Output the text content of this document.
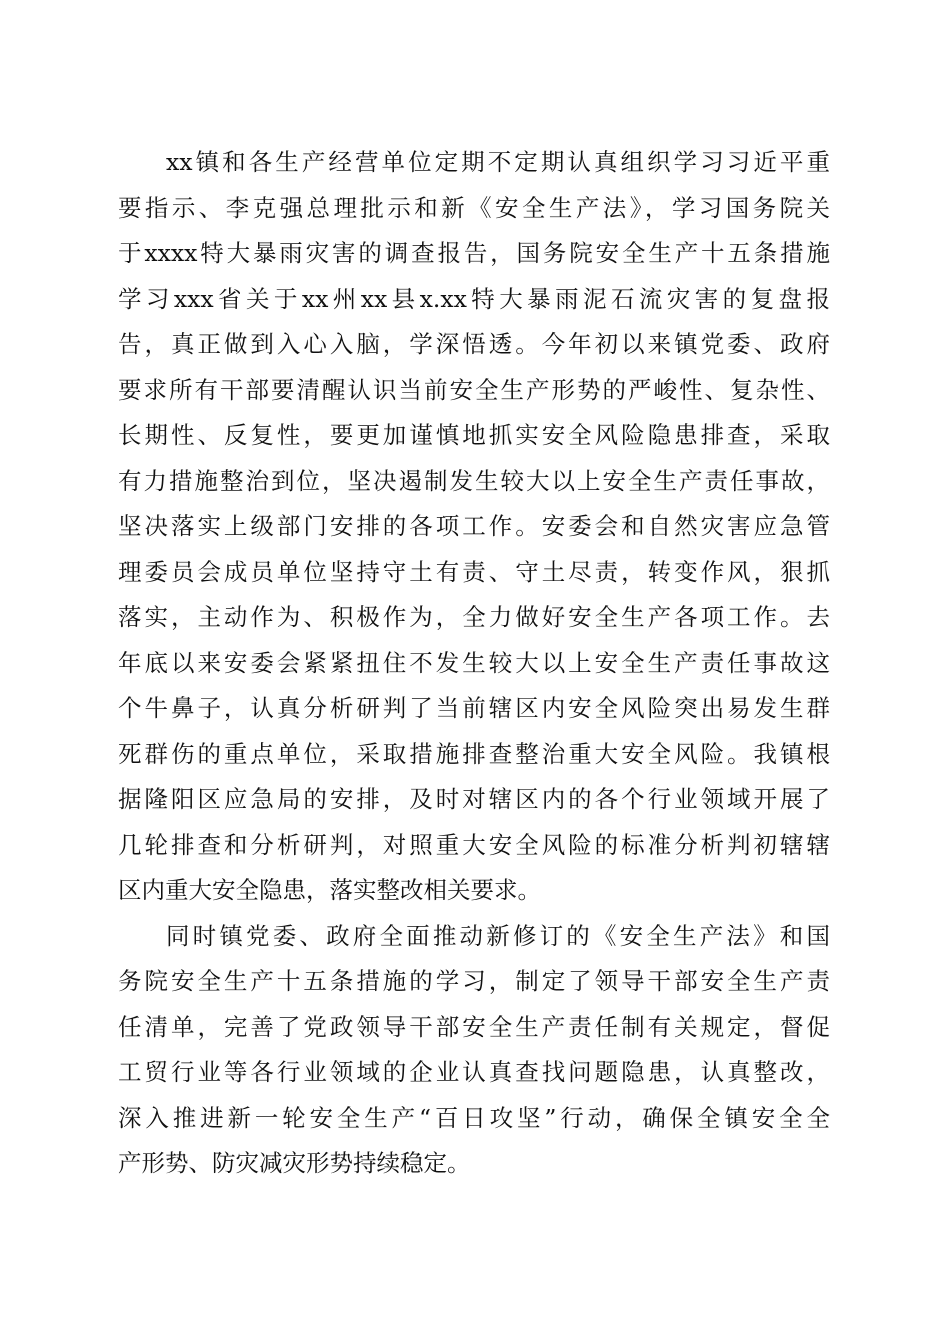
xx镇和各生产经营单位定期不定期认真组织学习习近平重
要指示、李克强总理批示和新《安全生产法》，学习国务院关
于xxxx特大暴雨灾害的调查报告，国务院安全生产十五条措施
学习xxx省关于xx州xx县x.xx特大暴雨泥石流灾害的复盘报
告，真正做到入心入脑，学深悟透。今年初以来镇党委、政府
要求所有干部要清醒认识当前安全生产形势的严峻性、复杂性、
长期性、反复性，要更加谨慎地抓实安全风险隐患排查，采取
有力措施整治到位，坚决遏制发生较大以上安全生产责任事故，
坚决落实上级部门安排的各项工作。安委会和自然灾害应急管
理委员会成员单位坚持守土有责、守土尽责，转变作风，狠抓
落实，主动作为、积极作为，全力做好安全生产各项工作。去
年底以来安委会紧紧扭住不发生较大以上安全生产责任事故这
个牛鼻子，认真分析研判了当前辖区内安全风险突出易发生群
死群伤的重点单位，采取措施排查整治重大安全风险。我镇根
据隆阳区应急局的安排，及时对辖区内的各个行业领域开展了
几轮排查和分析研判，对照重大安全风险的标准分析判初辖辖
区内重大安全隐患，落实整改相关要求。
同时镇党委、政府全面推动新修订的《安全生产法》和国
务院安全生产十五条措施的学习，制定了领导干部安全生产责
任清单，完善了党政领导干部安全生产责任制有关规定，督促
工贸行业等各行业领域的企业认真查找问题隐患，认真整改，
深入推进新一轮安全生产“百日攻坚”行动，确保全镇安全全
产形势、防灾减灾形势持续稳定。
